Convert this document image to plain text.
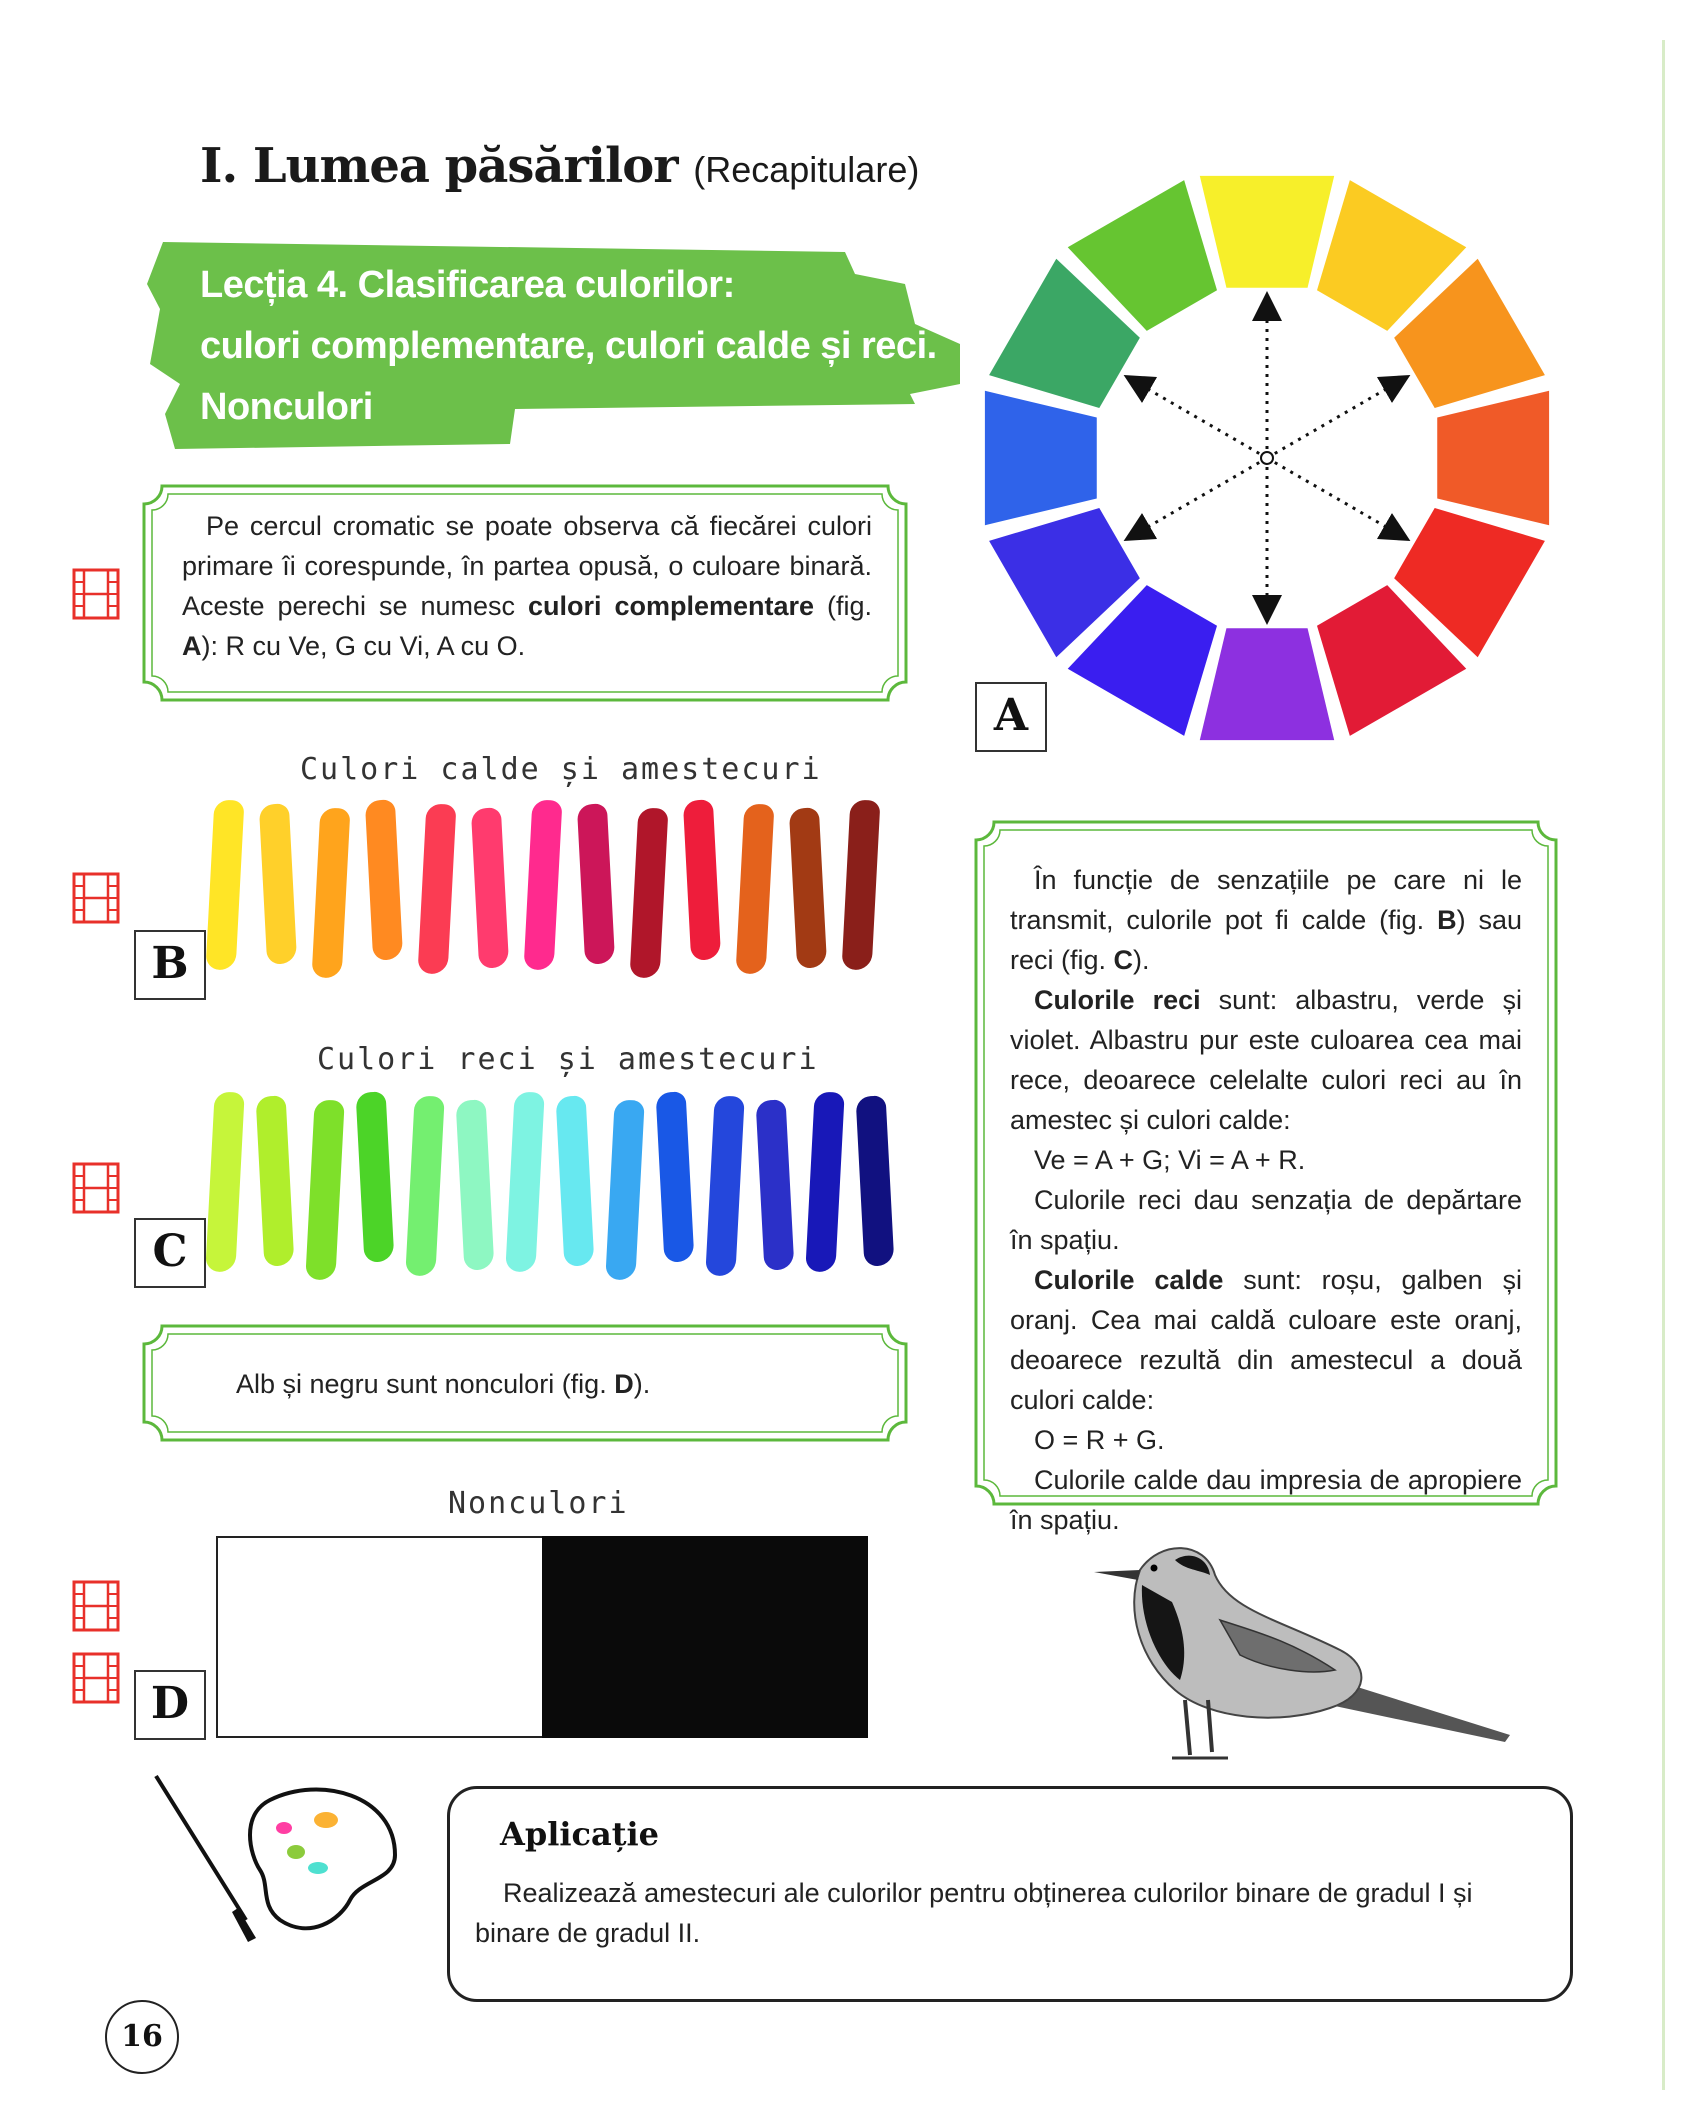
I. Lumea păsărilor (Recapitulare)
Lecția 4. Clasificarea culorilor:
culori complementare, culori calde și reci.
Nonculori
Pe cercul cromatic se poate observa că fiecărei culori primare îi corespunde, în partea opusă, o culoare binară. Aceste perechi se numesc culori complementare (fig. A): R cu Ve, G cu Vi, A cu O.
A
Culori calde și amestecuri
B
Culori reci și amestecuri
C

În funcție de senzațiile pe care ni le transmit, culorile pot fi calde (fig. B) sau reci (fig. C).

Culorile reci sunt: albastru, verde și violet. Albastru pur este culoarea cea mai rece, deoarece celelalte culori reci au în amestec și culori calde:

Ve = A + G; Vi = A + R.

Culorile reci dau senzația de depărtare în spațiu.

Culorile calde sunt: roșu, galben și oranj. Cea mai caldă culoare este oranj, deoarece rezultă din amestecul a două culori calde:

O = R + G.

Culorile calde dau impresia de apropiere în spațiu.

Alb și negru sunt nonculori (fig. D).
Nonculori
D
Aplicație
Realizează amestecuri ale culorilor pentru obținerea culorilor binare de gradul I și binare de gradul II.
16
